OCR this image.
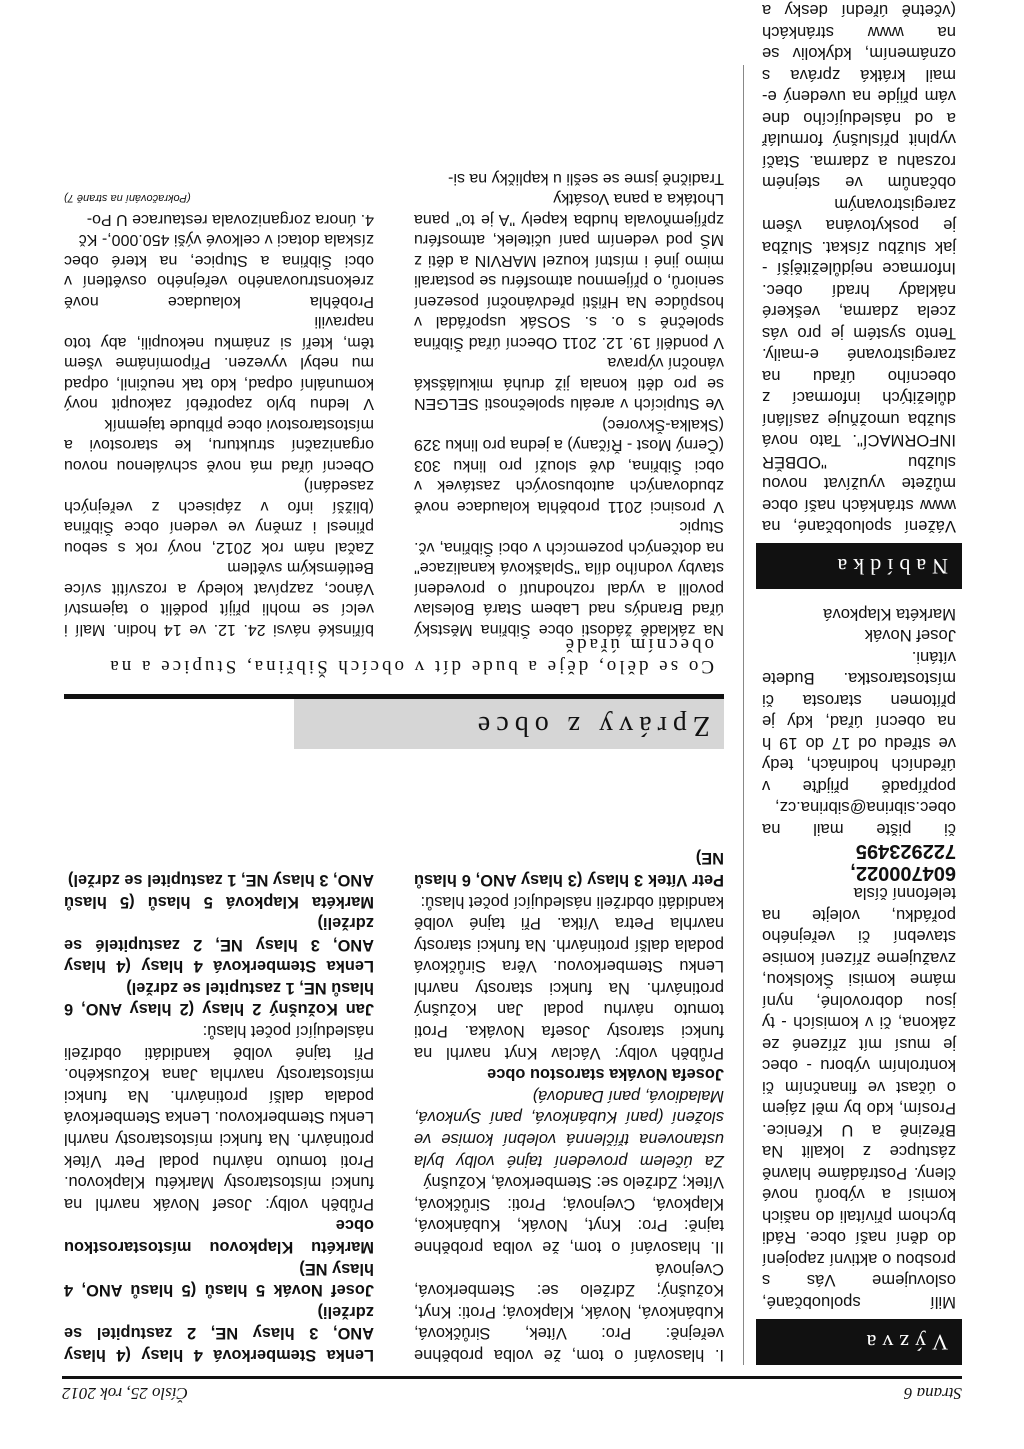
Strana 6
Číslo 25, rok 2012
Výzva

Milí spoluobčané, oslovujeme Vás s prosbou o aktivní zapojení do dění naší obce. Rádi bychom přivítali do našich komisí a výborů nové členy. Postrádáme hlavně zástupce z lokalit Na Březině a U Křenice. Prosím, kdo by měl zájem o účast ve finančním či kontrolním výboru - obec je musí mít zřízené ze zákona, či v komisích - ty jsou dobrovolné, nyní máme komisi Školskou, zvažujeme zřízení komise stavební či veřejného pořádku, volejte na telefonní čísla

604700022, 722923495

či pište mail na obec.sibrina@sibrina.cz, popřípadě přijďte v úředních hodinách, tedy ve středu od 17 do 19 h na obecní úřad, kdy je přítomen starosta či místostarostka. Budete vítáni.

Josef Novák

Markéta Klapková

Nabídka

Vážení spoluobčané, na www stránkách naší obce můžete využívat novou službu "ODBĚR INFORMACÍ". Tato nová služba umožňuje zasílání důležitých informací z obecního úřadu na zaregistrované e-maily. Tento systém je pro vás zcela zdarma, veškeré náklady hradí obec. Informace nejdůležitější - jak službu získat. Služba je poskytována všem zaregistrovaným občanům ve stejném rozsahu a zdarma. Stačí vyplnit příslušný formulář a od následujícího dne vám přijde na uvedený e-mail krátká zpráva s oznámením, kdykoliv se na www stránkách (včetně úřední desky a

I. hlasování o tom, že volba proběhne veřejně: Pro: Vítek, Sirůčková, Kubánková, Novák, Klapková; Proti: Knyt, Kožušný; Zdrželo se: Stemberková, Cvejnová

II. hlasování o tom, že volba proběhne tajně: Pro: Knyt, Novák, Kubánková, Klapková, Cvejnová; Proti: Sirůčková, Vítek; Zdrželo se: Stemberková, Kožušný

Za účelem provedení tajné volby byla ustanovena tříčlenná volební komise ve složení (paní Kubánková, paní Synková, Maladiová, paní Dandová)

Josefa Nováka starostou obce

Průběh volby: Václav Knyt navrhl na funkci starosty Josefa Nováka. Proti tomuto návrhu podal Jan Kožušný protinávrh. Na funkci starosty navrhl Lenku Stemberkovou. Věra Sirůčková podala další protinávrh. Na funkci starosty navrhla Petra Vítka. Při tajné volbě kandidáti obdrželi následující počet hlasů:

Petr Vítek 3 hlasy (3 hlasy ANO, 6 hlasů NE)

Lenka Stemberková 4 hlasy (4 hlasy ANO, 3 hlasy NE, 2 zastupitel se zdrželi)

Josef Novák 5 hlasů (5 hlasů ANO, 4 hlasy NE)

Markétu Klapkovou místostarostkou obce

Průběh volby: Josef Novák navrhl na funkci místostarosty Markétu Klapkovou. Proti tomuto návrhu podal Petr Vítek protinávrh. Na funkci místostarosty navrhl Lenku Stemberkovou. Lenka Stemberková podala další protinávrh. Na funkci místostarosty navrhla Jana Kožuského. Při tajné volbě kandidáti obdrželi následující počet hlasů:

Jan Kožušný 2 hlasy (2 hlasy ANO, 6 hlasů NE, 1 zastupitel se zdržel)

Lenka Stemberková 4 hlasy (4 hlasy ANO, 3 hlasy NE, 2 zastupitelé se zdrželi)

Markéta Klapková 5 hlasů (5 hlasů ANO, 3 hlasy NE, 1 zastupitel se zdržel)

Zprávy z obce
Co se dělo, děje a bude dít v obcích Šibřina, Stupice a na obecním úřadě

Na základě žádosti obce Šibřina Městský úřad Brandýs nad Labem Stará Boleslav povolil a vydal rozhodnutí o provedení stavby vodního díla "Splašková kanalizace" na dotčených pozemcích v obci Šibřina, vč. Stupic

V prosinci 2011 proběhla kolaudace nově zbudovaných autobusových zastávek v obci Šibřina, dvě slouží pro linku 303 (Černý Most - Říčany) a jedna pro linku 329 (Skalka-Škvorec)

Ve Stupicích v areálu společnosti SELGEN se pro děti konala již druhá mikulášská vánoční výprava

V pondělí 19. 12. 2011 Obecní úřad Šibřina společně s o. s. SOSák uspořádal v hospůdce Na Hřišti předvánoční posezení seniorů, o příjemnou atmosféru se postarali mimo jiné i místní kouzel MARVIN a děti z MŠ pod vedením paní učitelek, atmosféru zpříjemňovala hudba kapely "A je to" pana Lhotáka a pana Vosátky

Tradičně jsme se sešli u kapličky na si-

bířinské návsi 24. 12. ve 14 hodin. Malí i velcí se mohli přijít podělit o tajemství Vánoc, zazpívat koledy a rozsvítit svíce Betlémským světlem

Začal nám rok 2012, nový rok s sebou přinesl i změny ve vedení obce Šibřina (bližší info v zápisech z veřejných zasedání)

Obecní úřad má nově schválenou novou organizační strukturu, ke starostovi a místostarostovi obce přibude tajemník

V lednu bylo zapotřebí zakoupit nový komunální odpad, kdo tak neučinil, odpad mu nebyl vyvezen. Připomínáme všem těm, kteří si známku nekoupili, aby toto napravili

Proběhla kolaudace nově zrekonstruovaného veřejného osvětlení v obci Šibřina a Stupice, na které obec získala dotaci v celkové výši 450.000,- Kč

4. února zorganizovala restaurace U Po-

(Pokračování na straně 7)
